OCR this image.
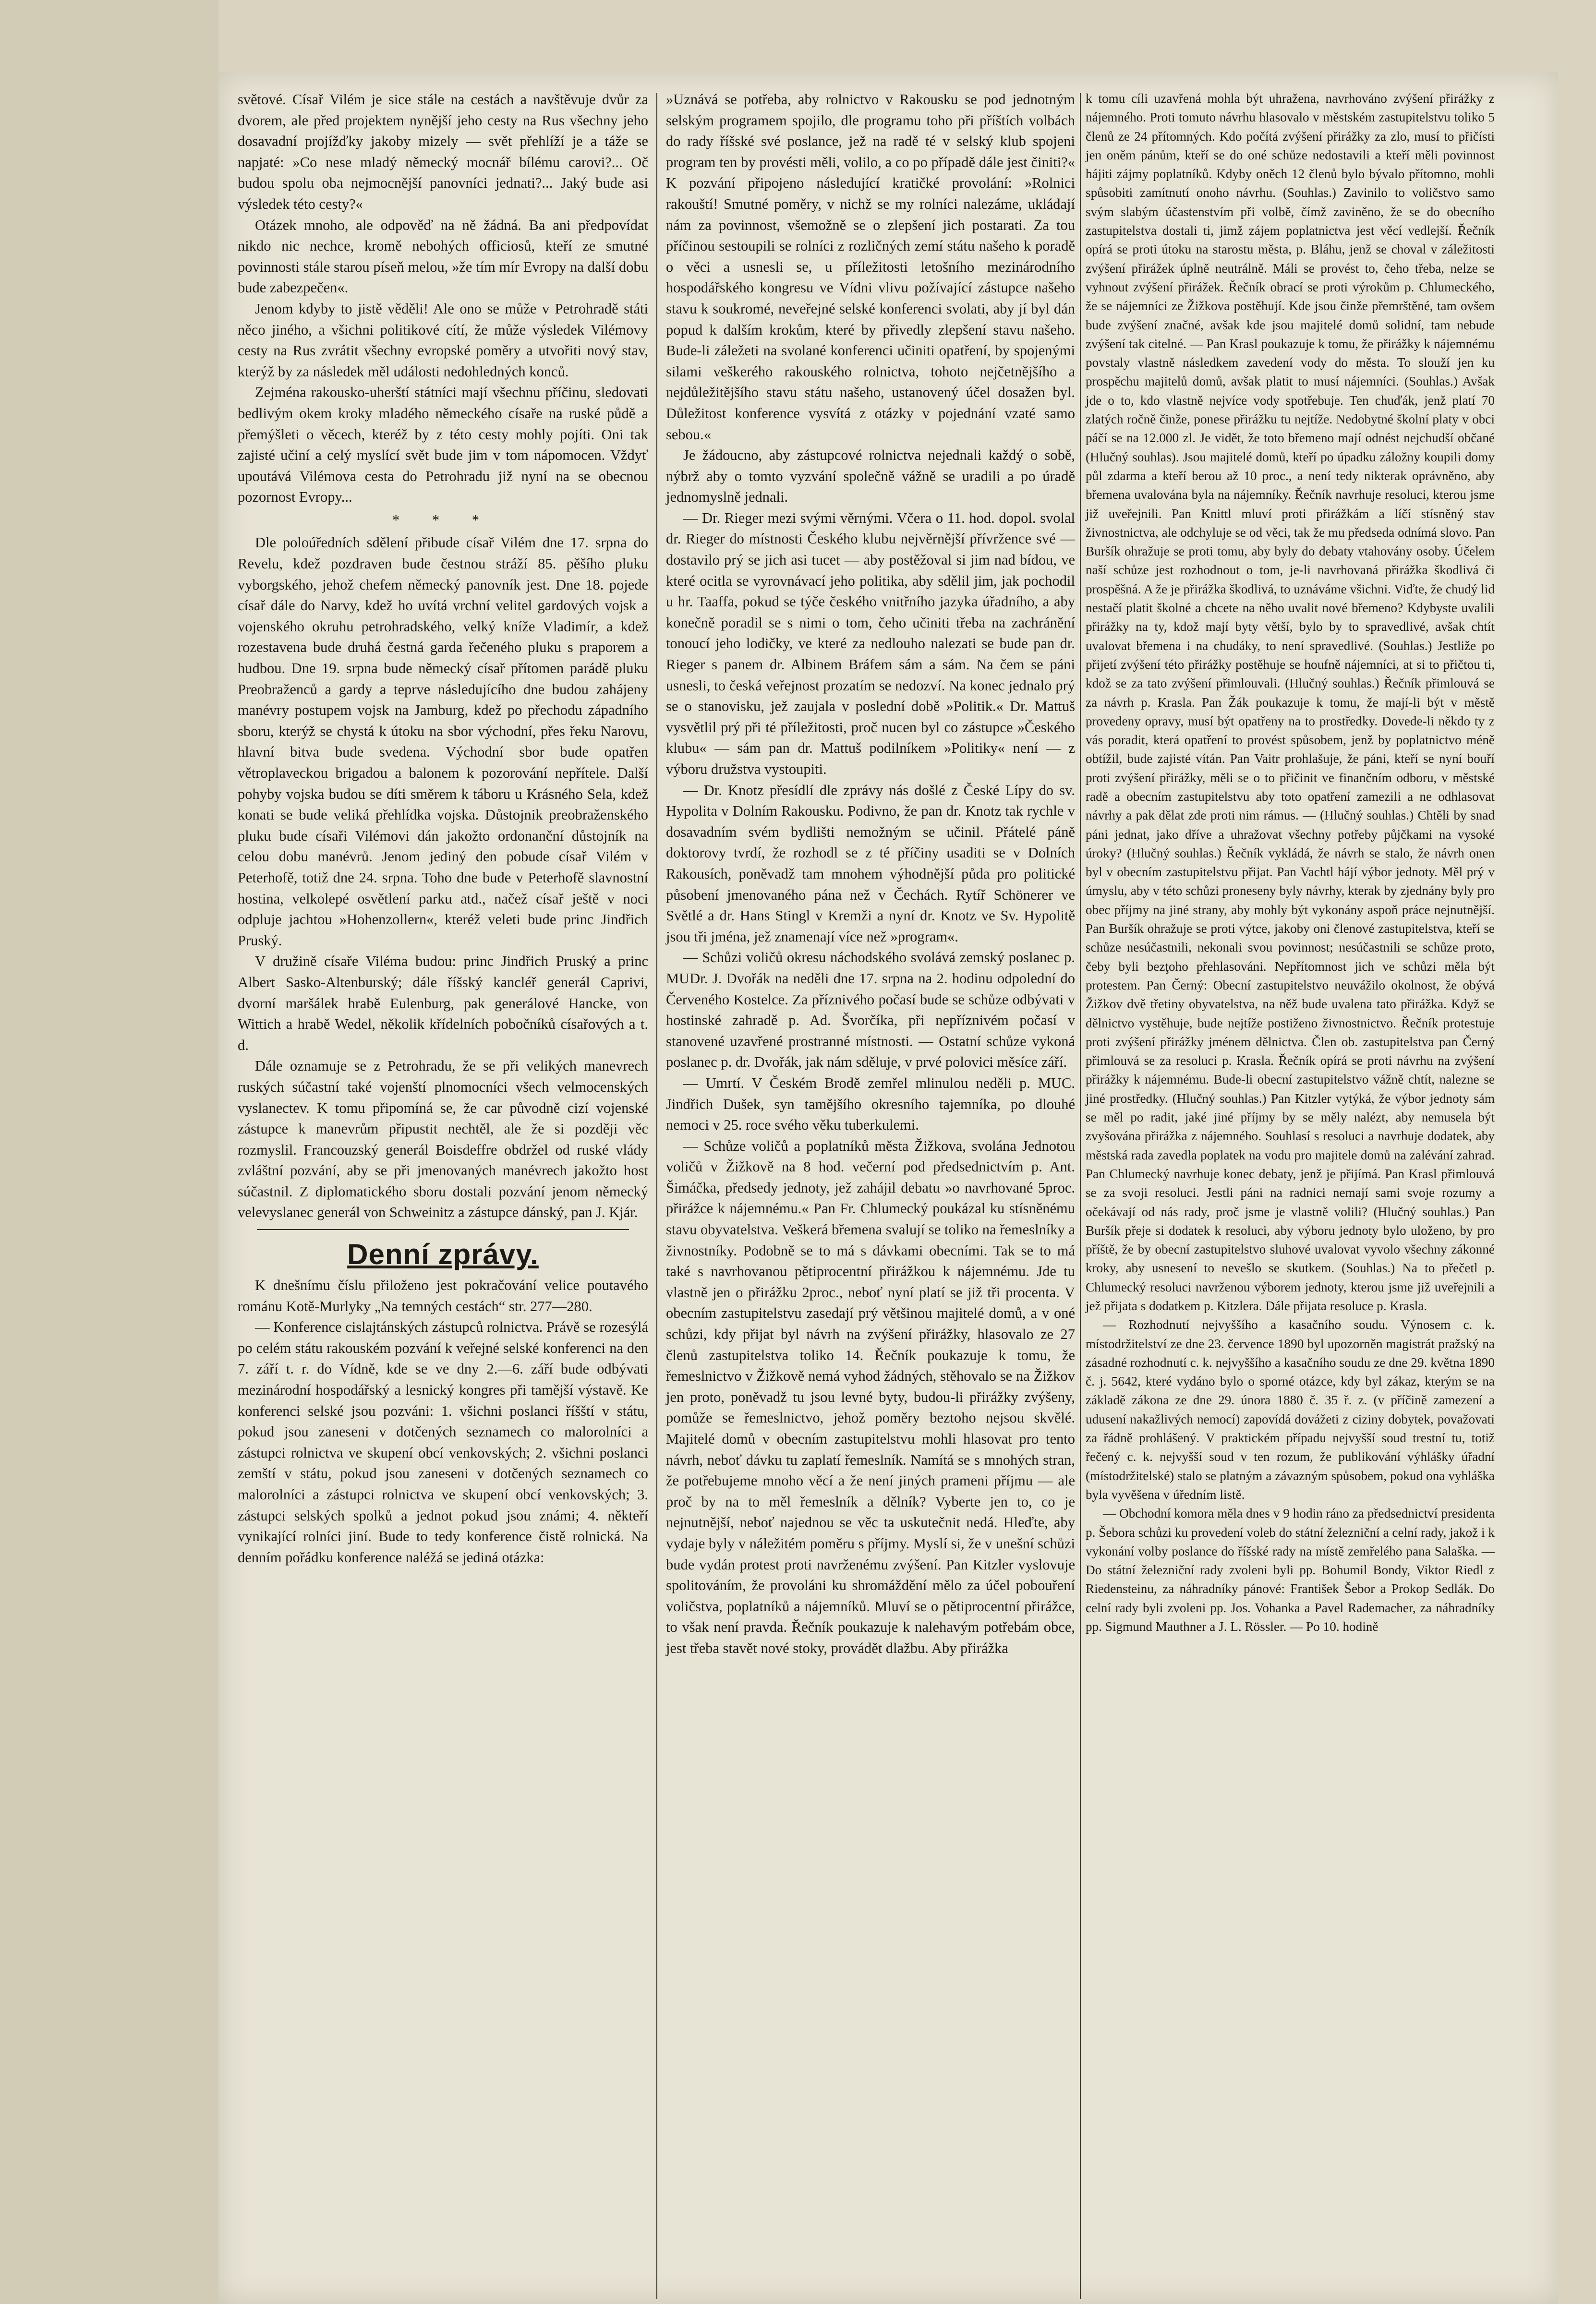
světové. Císař Vilém je sice stále na cestách a navštěvuje dvůr za dvorem, ale před projektem nynější jeho cesty na Rus všechny jeho dosavadní projížďky jakoby mizely — svět přehlíží je a táže se napjaté: »Co nese mladý německý mocnář bílému carovi?... Oč budou spolu oba nejmocnější panovníci jednati?... Jaký bude asi výsledek této cesty?«

Otázek mnoho, ale odpověď na ně žádná. Ba ani předpovídat nikdo nic nechce, kromě nebohých officiosů, kteří ze smutné povinnosti stále starou píseň melou, »že tím mír Evropy na další dobu bude zabezpečen«.

Jenom kdyby to jistě věděli! Ale ono se může v Petrohradě státi něco jiného, a všichni politikové cítí, že může výsledek Vilémovy cesty na Rus zvrátit všechny evropské poměry a utvořiti nový stav, kterýž by za následek měl události nedohledných konců.

Zejména rakousko-uherští státníci mají všechnu příčinu, sledovati bedlivým okem kroky mladého německého císaře na ruské půdě a přemýšleti o věcech, kteréž by z této cesty mohly pojíti. Oni tak zajisté učiní a celý myslící svět bude jim v tom nápomocen. Vždyť upoutává Vilémova cesta do Petrohradu již nyní na se obecnou pozornost Evropy...

* * *

Dle poloúředních sdělení přibude císař Vilém dne 17. srpna do Revelu, kdež pozdraven bude čestnou stráží 85. pěšího pluku vyborgského, jehož chefem německý panovník jest. Dne 18. pojede císař dále do Narvy, kdež ho uvítá vrchní velitel gardových vojsk a vojenského okruhu petrohradského, velký kníže Vladimír, a kdež rozestavena bude druhá čestná garda řečeného pluku s praporem a hudbou. Dne 19. srpna bude německý císař přítomen parádě pluku Preobraženců a gardy a teprve následujícího dne budou zahájeny manévry postupem vojsk na Jamburg, kdež po přechodu západního sboru, kterýž se chystá k útoku na sbor východní, přes řeku Narovu, hlavní bitva bude svedena. Východní sbor bude opatřen větroplaveckou brigadou a balonem k pozorování nepřítele. Další pohyby vojska budou se díti směrem k táboru u Krásného Sela, kdež konati se bude veliká přehlídka vojska. Důstojnik preobraženského pluku bude císaři Vilémovi dán jakožto ordonanční důstojník na celou dobu manévrů. Jenom jediný den pobude císař Vilém v Peterhofě, totiž dne 24. srpna. Toho dne bude v Peterhofě slavnostní hostina, velkolepé osvětlení parku atd., načež císař ještě v noci odpluje jachtou »Hohenzollern«, kteréž veleti bude princ Jindřich Pruský.

V družině císaře Viléma budou: princ Jindřich Pruský a princ Albert Sasko-Altenburský; dále říšský kancléř generál Caprivi, dvorní maršálek hrabě Eulenburg, pak generálové Hancke, von Wittich a hrabě Wedel, několik křídelních pobočníků císařových a t. d.

Dále oznamuje se z Petrohradu, že se při velikých manevrech ruských súčastní také vojenští plnomocníci všech velmocenských vyslanectev. K tomu připomíná se, že car původně cizí vojenské zástupce k manevrům připustit nechtěl, ale že si později věc rozmyslil. Francouzský generál Boisdeffre obdržel od ruské vlády zvláštní pozvání, aby se při jmenovaných manévrech jakožto host súčastnil. Z diplomatického sboru dostali pozvání jenom německý velevyslanec generál von Schweinitz a zástupce dánský, pan J. Kjár.

Denní zprávy.

K dnešnímu číslu přiloženo jest pokračování velice poutavého románu Kotě-Murlyky „Na temných cestách“ str. 277—280.

— Konference cislajtánských zástupců rolnictva. Právě se rozesýlá po celém státu rakouském pozvání k veřejné selské konferenci na den 7. září t. r. do Vídně, kde se ve dny 2.—6. září bude odbývati mezinárodní hospodářský a lesnický kongres při tamější výstavě. Ke konferenci selské jsou pozváni: 1. všichni poslanci říšští v státu, pokud jsou zaneseni v dotčených seznamech co malorolníci a zástupci rolnictva ve skupení obcí venkovských; 2. všichni poslanci zemští v státu, pokud jsou zaneseni v dotčených seznamech co malorolníci a zástupci rolnictva ve skupení obcí venkovských; 3. zástupci selských spolků a jednot pokud jsou známi; 4. někteří vynikající rolníci jiní. Bude to tedy konference čistě rolnická. Na denním pořádku konference naléžá se jediná otázka:

»Uznává se potřeba, aby rolnictvo v Rakousku se pod jednotným selským programem spojilo, dle programu toho při příštích volbách do rady říšské své poslance, jež na radě té v selský klub spojeni program ten by provésti měli, volilo, a co po případě dále jest činiti?« K pozvání připojeno následující kratičké provolání: »Rolnici rakouští! Smutné poměry, v nichž se my rolníci nalezáme, ukládají nám za povinnost, všemožně se o zlepšení jich postarati. Za tou příčinou sestoupili se rolníci z rozličných zemí státu našeho k poradě o věci a usnesli se, u příležitosti letošního mezinárodního hospodářského kongresu ve Vídni vlivu požívající zástupce našeho stavu k soukromé, neveřejné selské konferenci svolati, aby jí byl dán popud k dalším krokům, které by přivedly zlepšení stavu našeho. Bude-li záležeti na svolané konferenci učiniti opatření, by spojenými silami veškerého rakouského rolnictva, tohoto nejčetnějšího a nejdůležitějšího stavu státu našeho, ustanovený účel dosažen byl. Důležitost konference vysvítá z otázky v pojednání vzaté samo sebou.«

Je žádoucno, aby zástupcové rolnictva nejednali každý o sobě, nýbrž aby o tomto vyzvání společně vážně se uradili a po úradě jednomyslně jednali.

— Dr. Rieger mezi svými věrnými. Včera o 11. hod. dopol. svolal dr. Rieger do místnosti Českého klubu nejvěrnější přívržence své — dostavilo prý se jich asi tucet — aby postěžoval si jim nad bídou, ve které ocitla se vyrovnávací jeho politika, aby sdělil jim, jak pochodil u hr. Taaffa, pokud se týče českého vnitřního jazyka úřadního, a aby konečně poradil se s nimi o tom, čeho učiniti třeba na zachránění tonoucí jeho lodičky, ve které za nedlouho nalezati se bude pan dr. Rieger s panem dr. Albinem Bráfem sám a sám. Na čem se páni usnesli, to česká veřejnost prozatím se nedozví. Na konec jednalo prý se o stanovisku, jež zaujala v poslední době »Politik.« Dr. Mattuš vysvětlil prý při té příležitosti, proč nucen byl co zástupce »Českého klubu« — sám pan dr. Mattuš podilníkem »Politiky« není — z výboru družstva vystoupiti.

— Dr. Knotz přesídlí dle zprávy nás došlé z České Lípy do sv. Hypolita v Dolním Rakousku. Podivno, že pan dr. Knotz tak rychle v dosavadním svém bydlišti nemožným se učinil. Přátelé páně doktorovy tvrdí, že rozhodl se z té příčiny usaditi se v Dolních Rakousích, poněvadž tam mnohem výhodnější půda pro politické působení jmenovaného pána než v Čechách. Rytíř Schönerer ve Světlé a dr. Hans Stingl v Kremži a nyní dr. Knotz ve Sv. Hypolitě jsou tři jména, jež znamenají více než »program«.

— Schůzi voličů okresu náchodského svolává zemský poslanec p. MUDr. J. Dvořák na neděli dne 17. srpna na 2. hodinu odpolední do Červeného Kostelce. Za příznivého počasí bude se schůze odbývati v hostinské zahradě p. Ad. Švorčíka, při nepříznivém počasí v stanovené uzavřené prostranné místnosti. — Ostatní schůze vykoná poslanec p. dr. Dvořák, jak nám sděluje, v prvé polovici měsíce září.

— Umrtí. V Českém Brodě zemřel mlinulou neděli p. MUC. Jindřich Dušek, syn tamějšího okresního tajemníka, po dlouhé nemoci v 25. roce svého věku tuberkulemi.

— Schůze voličů a poplatníků města Žižkova, svolána Jednotou voličů v Žižkově na 8 hod. večerní pod předsednictvím p. Ant. Šimáčka, předsedy jednoty, jež zahájil debatu »o navrhované 5proc. přirážce k nájemnému.« Pan Fr. Chlumecký poukázal ku stísněnému stavu obyvatelstva. Veškerá břemena svalují se toliko na řemeslníky a živnostníky. Podobně se to má s dávkami obecními. Tak se to má také s navrhovanou pětiprocentní přirážkou k nájemnému. Jde tu vlastně jen o přirážku 2proc., neboť nyní platí se již tři procenta. V obecním zastupitelstvu zasedají prý většinou majitelé domů, a v oné schůzi, kdy přijat byl návrh na zvýšení přirážky, hlasovalo ze 27 členů zastupitelstva toliko 14. Řečník poukazuje k tomu, že řemeslnictvo v Žižkově nemá vyhod žádných, stěhovalo se na Žižkov jen proto, poněvadž tu jsou levné byty, budou-li přirážky zvýšeny, pomůže se řemeslnictvo, jehož poměry beztoho nejsou skvělé. Majitelé domů v obecním zastupitelstvu mohli hlasovat pro tento návrh, neboť dávku tu zaplatí řemeslník. Namítá se s mnohých stran, že potřebujeme mnoho věcí a že není jiných prameni příjmu — ale proč by na to měl řemeslník a dělník? Vyberte jen to, co je nejnutnější, neboť najednou se věc ta uskutečnit nedá. Hleďte, aby vydaje byly v náležitém poměru s příjmy. Myslí si, že v unešní schůzi bude vydán protest proti navrženému zvýšení. Pan Kitzler vyslovuje spolitováním, že provoláni ku shromáždění mělo za účel pobouření voličstva, poplatníků a nájemníků. Mluví se o pětiprocentní přirážce, to však není pravda. Řečník poukazuje k nalehavým potřebám obce, jest třeba stavět nové stoky, provádět dlažbu. Aby přirážka

k tomu cíli uzavřená mohla být uhražena, navrhováno zvýšení přirážky z nájemného. Proti tomuto návrhu hlasovalo v městském zastupitelstvu toliko 5 členů ze 24 přítomných. Kdo počítá zvýšení přirážky za zlo, musí to přičísti jen oněm pánům, kteří se do oné schůze nedostavili a kteří měli povinnost hájiti zájmy poplatníků. Kdyby oněch 12 členů bylo bývalo přítomno, mohli spůsobiti zamítnutí onoho návrhu. (Souhlas.) Zavinilo to voličstvo samo svým slabým účastenstvím při volbě, čímž zaviněno, že se do obecního zastupitelstva dostali ti, jimž zájem poplatnictva jest věcí vedlejší. Řečník opírá se proti útoku na starostu města, p. Bláhu, jenž se choval v záležitosti zvýšení přirážek úplně neutrálně. Máli se provést to, čeho třeba, nelze se vyhnout zvýšení přirážek. Řečník obrací se proti výrokům p. Chlumeckého, že se nájemníci ze Žižkova postěhují. Kde jsou činže přemrštěné, tam ovšem bude zvýšení značné, avšak kde jsou majitelé domů solidní, tam nebude zvýšení tak citelné. — Pan Krasl poukazuje k tomu, že přirážky k nájemnému povstaly vlastně následkem zavedení vody do města. To slouží jen ku prospěchu majitelů domů, avšak platit to musí nájemníci. (Souhlas.) Avšak jde o to, kdo vlastně nejvíce vody spotřebuje. Ten chuďák, jenž platí 70 zlatých ročně činže, ponese přirážku tu nejtíže. Nedobytné školní platy v obci páčí se na 12.000 zl. Je vidět, že toto břemeno mají odnést nejchudší občané (Hlučný souhlas). Jsou majitelé domů, kteří po úpadku záložny koupili domy půl zdarma a kteří berou až 10 proc., a není tedy nikterak oprávněno, aby břemena uvalována byla na nájemníky. Řečník navrhuje resoluci, kterou jsme již uveřejnili. Pan Knittl mluví proti přirážkám a líčí stísněný stav živnostnictva, ale odchyluje se od věci, tak že mu předseda odnímá slovo. Pan Buršík ohražuje se proti tomu, aby byly do debaty vtahovány osoby. Účelem naší schůze jest rozhodnout o tom, je-li navrhovaná přirážka škodlivá či prospěšná. A že je přirážka škodlivá, to uznáváme všichni. Viďte, že chudý lid nestačí platit školné a chcete na něho uvalit nové břemeno? Kdybyste uvalili přirážky na ty, kdož mají byty větší, bylo by to spravedlivé, avšak chtít uvalovat břemena i na chudáky, to není spravedlivé. (Souhlas.) Jestliže po přijetí zvýšení této přirážky postěhuje se houfně nájemníci, at si to přičtou ti, kdož se za tato zvýšení přimlouvali. (Hlučný souhlas.) Řečník přimlouvá se za návrh p. Krasla. Pan Žák poukazuje k tomu, že mají-li být v městě provedeny opravy, musí být opatřeny na to prostředky. Dovede-li někdo ty z vás poradit, která opatření to provést spůsobem, jenž by poplatnictvo méně obtížil, bude zajisté vítán. Pan Vaitr prohlašuje, že páni, kteří se nyní bouří proti zvýšení přirážky, měli se o to přičinit ve finančním odboru, v městské radě a obecním zastupitelstvu aby toto opatření zamezili a ne odhlasovat návrhy a pak dělat zde proti nim rámus. — (Hlučný souhlas.) Chtěli by snad páni jednat, jako dříve a uhražovat všechny potřeby půjčkami na vysoké úroky? (Hlučný souhlas.) Řečník vykládá, že návrh se stalo, že návrh onen byl v obecním zastupitelstvu přijat. Pan Vachtl hájí výbor jednoty. Měl prý v úmyslu, aby v této schůzi proneseny byly návrhy, kterak by zjednány byly pro obec příjmy na jiné strany, aby mohly být vykonány aspoň práce nejnutnější. Pan Buršík ohražuje se proti výtce, jakoby oni členové zastupitelstva, kteří se schůze nesúčastnili, nekonali svou povinnost; nesúčastnili se schůze proto, čeby byli bezţoho přehlasováni. Nepřítomnost jich ve schůzi měla být protestem. Pan Černý: Obecní zastupitelstvo neuvážilo okolnost, že obývá Žižkov dvě třetiny obyvatelstva, na něž bude uvalena tato přirážka. Když se dělnictvo vystěhuje, bude nejtíže postiženo živnostnictvo. Řečník protestuje proti zvýšení přirážky jménem dělnictva. Člen ob. zastupitelstva pan Černý přimlouvá se za resoluci p. Krasla. Řečník opírá se proti návrhu na zvýšení přirážky k nájemnému. Bude-li obecní zastupitelstvo vážně chtít, nalezne se jiné prostředky. (Hlučný souhlas.) Pan Kitzler vytýká, že výbor jednoty sám se měl po radit, jaké jiné příjmy by se měly nalézt, aby nemusela být zvyšována přirážka z nájemného. Souhlasí s resoluci a navrhuje dodatek, aby městská rada zavedla poplatek na vodu pro majitele domů na zalévání zahrad. Pan Chlumecký navrhuje konec debaty, jenž je přijímá. Pan Krasl přimlouvá se za svoji resoluci. Jestli páni na radnici nemají sami svoje rozumy a očekávají od nás rady, proč jsme je vlastně volili? (Hlučný souhlas.) Pan Buršík přeje si dodatek k resoluci, aby výboru jednoty bylo uloženo, by pro příště, že by obecní zastupitelstvo sluhové uvalovat vyvolo všechny zákonné kroky, aby usnesení to nevešlo se skutkem. (Souhlas.) Na to přečetl p. Chlumecký resoluci navrženou výborem jednoty, kterou jsme již uveřejnili a jež přijata s dodatkem p. Kitzlera. Dále přijata resoluce p. Krasla.

— Rozhodnutí nejvyššího a kasačního soudu. Výnosem c. k. místodržitelství ze dne 23. července 1890 byl upozorněn magistrát pražský na zásadné rozhodnutí c. k. nejvyššího a kasačního soudu ze dne 29. května 1890 č. j. 5642, které vydáno bylo o sporné otázce, kdy byl zákaz, kterým se na základě zákona ze dne 29. února 1880 č. 35 ř. z. (v příčině zamezení a udusení nakažlivých nemocí) zapovídá dovážeti z ciziny dobytek, považovati za řádně prohlášený. V praktickém případu nejvyšší soud trestní tu, totiž řečený c. k. nejvyšší soud v ten rozum, že publikování výhlášky úřadní (místodržitelské) stalo se platným a závazným spůsobem, pokud ona vyhláška byla vyvěšena v úředním listě.

— Obchodní komora měla dnes v 9 hodin ráno za předsednictví presidenta p. Šebora schůzi ku provedení voleb do státní železniční a celní rady, jakož i k vykonání volby poslance do říšské rady na místě zemřelého pana Salaška. — Do státní železniční rady zvoleni byli pp. Bohumil Bondy, Viktor Riedl z Riedensteinu, za náhradníky pánové: František Šebor a Prokop Sedlák. Do celní rady byli zvoleni pp. Jos. Vohanka a Pavel Rademacher, za náhradníky pp. Sigmund Mauthner a J. L. Rössler. — Po 10. hodině
